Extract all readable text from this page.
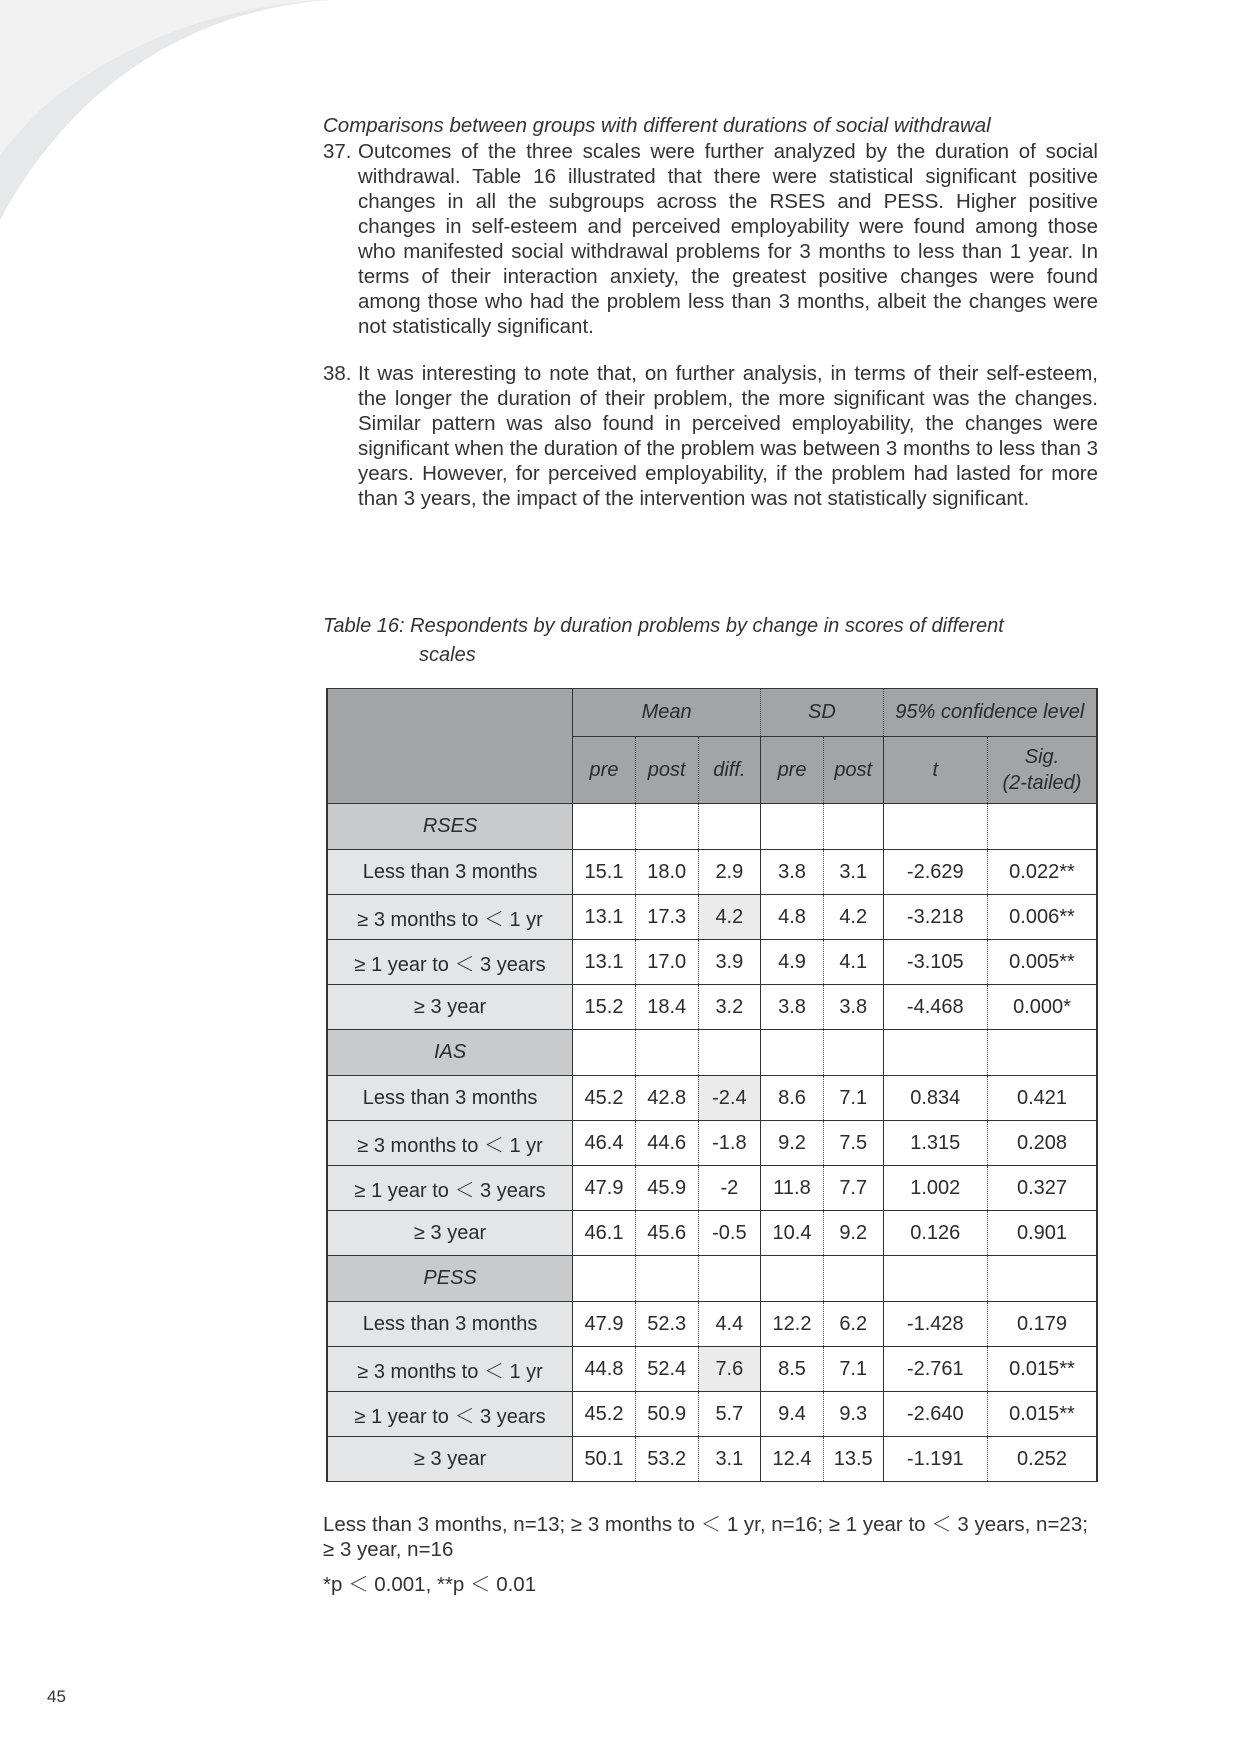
Comparisons between groups with different durations of social withdrawal

37. Outcomes of the three scales were further analyzed by the duration of social withdrawal. Table 16 illustrated that there were statistical significant positive changes in all the subgroups across the RSES and PESS. Higher positive changes in self-esteem and perceived employability were found among those who manifested social withdrawal problems for 3 months to less than 1 year. In terms of their interaction anxiety, the greatest positive changes were found among those who had the problem less than 3 months, albeit the changes were not statistically significant.
38. It was interesting to note that, on further analysis, in terms of their self-esteem, the longer the duration of their problem, the more significant was the changes. Similar pattern was also found in perceived employability, the changes were significant when the duration of the problem was between 3 months to less than 3 years. However, for perceived employability, if the problem had lasted for more than 3 years, the impact of the intervention was not statistically significant.
Table 16: Respondents by duration problems by change in scores of different
scales
	Mean			SD		95% confidence level	
	pre	post	diff.	pre	post	t	Sig.
(2-tailed)
RSES							
Less than 3 months	15.1	18.0	2.9	3.8	3.1	-2.629	0.022**
≥ 3 months to ＜ 1 yr	13.1	17.3	4.2	4.8	4.2	-3.218	0.006**
≥ 1 year to ＜ 3 years	13.1	17.0	3.9	4.9	4.1	-3.105	0.005**
≥ 3 year	15.2	18.4	3.2	3.8	3.8	-4.468	0.000*
IAS							
Less than 3 months	45.2	42.8	-2.4	8.6	7.1	0.834	0.421
≥ 3 months to ＜ 1 yr	46.4	44.6	-1.8	9.2	7.5	1.315	0.208
≥ 1 year to ＜ 3 years	47.9	45.9	-2	11.8	7.7	1.002	0.327
≥ 3 year	46.1	45.6	-0.5	10.4	9.2	0.126	0.901
PESS							
Less than 3 months	47.9	52.3	4.4	12.2	6.2	-1.428	0.179
≥ 3 months to ＜ 1 yr	44.8	52.4	7.6	8.5	7.1	-2.761	0.015**
≥ 1 year to ＜ 3 years	45.2	50.9	5.7	9.4	9.3	-2.640	0.015**
≥ 3 year	50.1	53.2	3.1	12.4	13.5	-1.191	0.252
Less than 3 months, n=13; ≥ 3 months to ＜ 1 yr, n=16; ≥ 1 year to ＜ 3 years, n=23; ≥ 3 year, n=16
*p ＜ 0.001, **p ＜ 0.01
45
